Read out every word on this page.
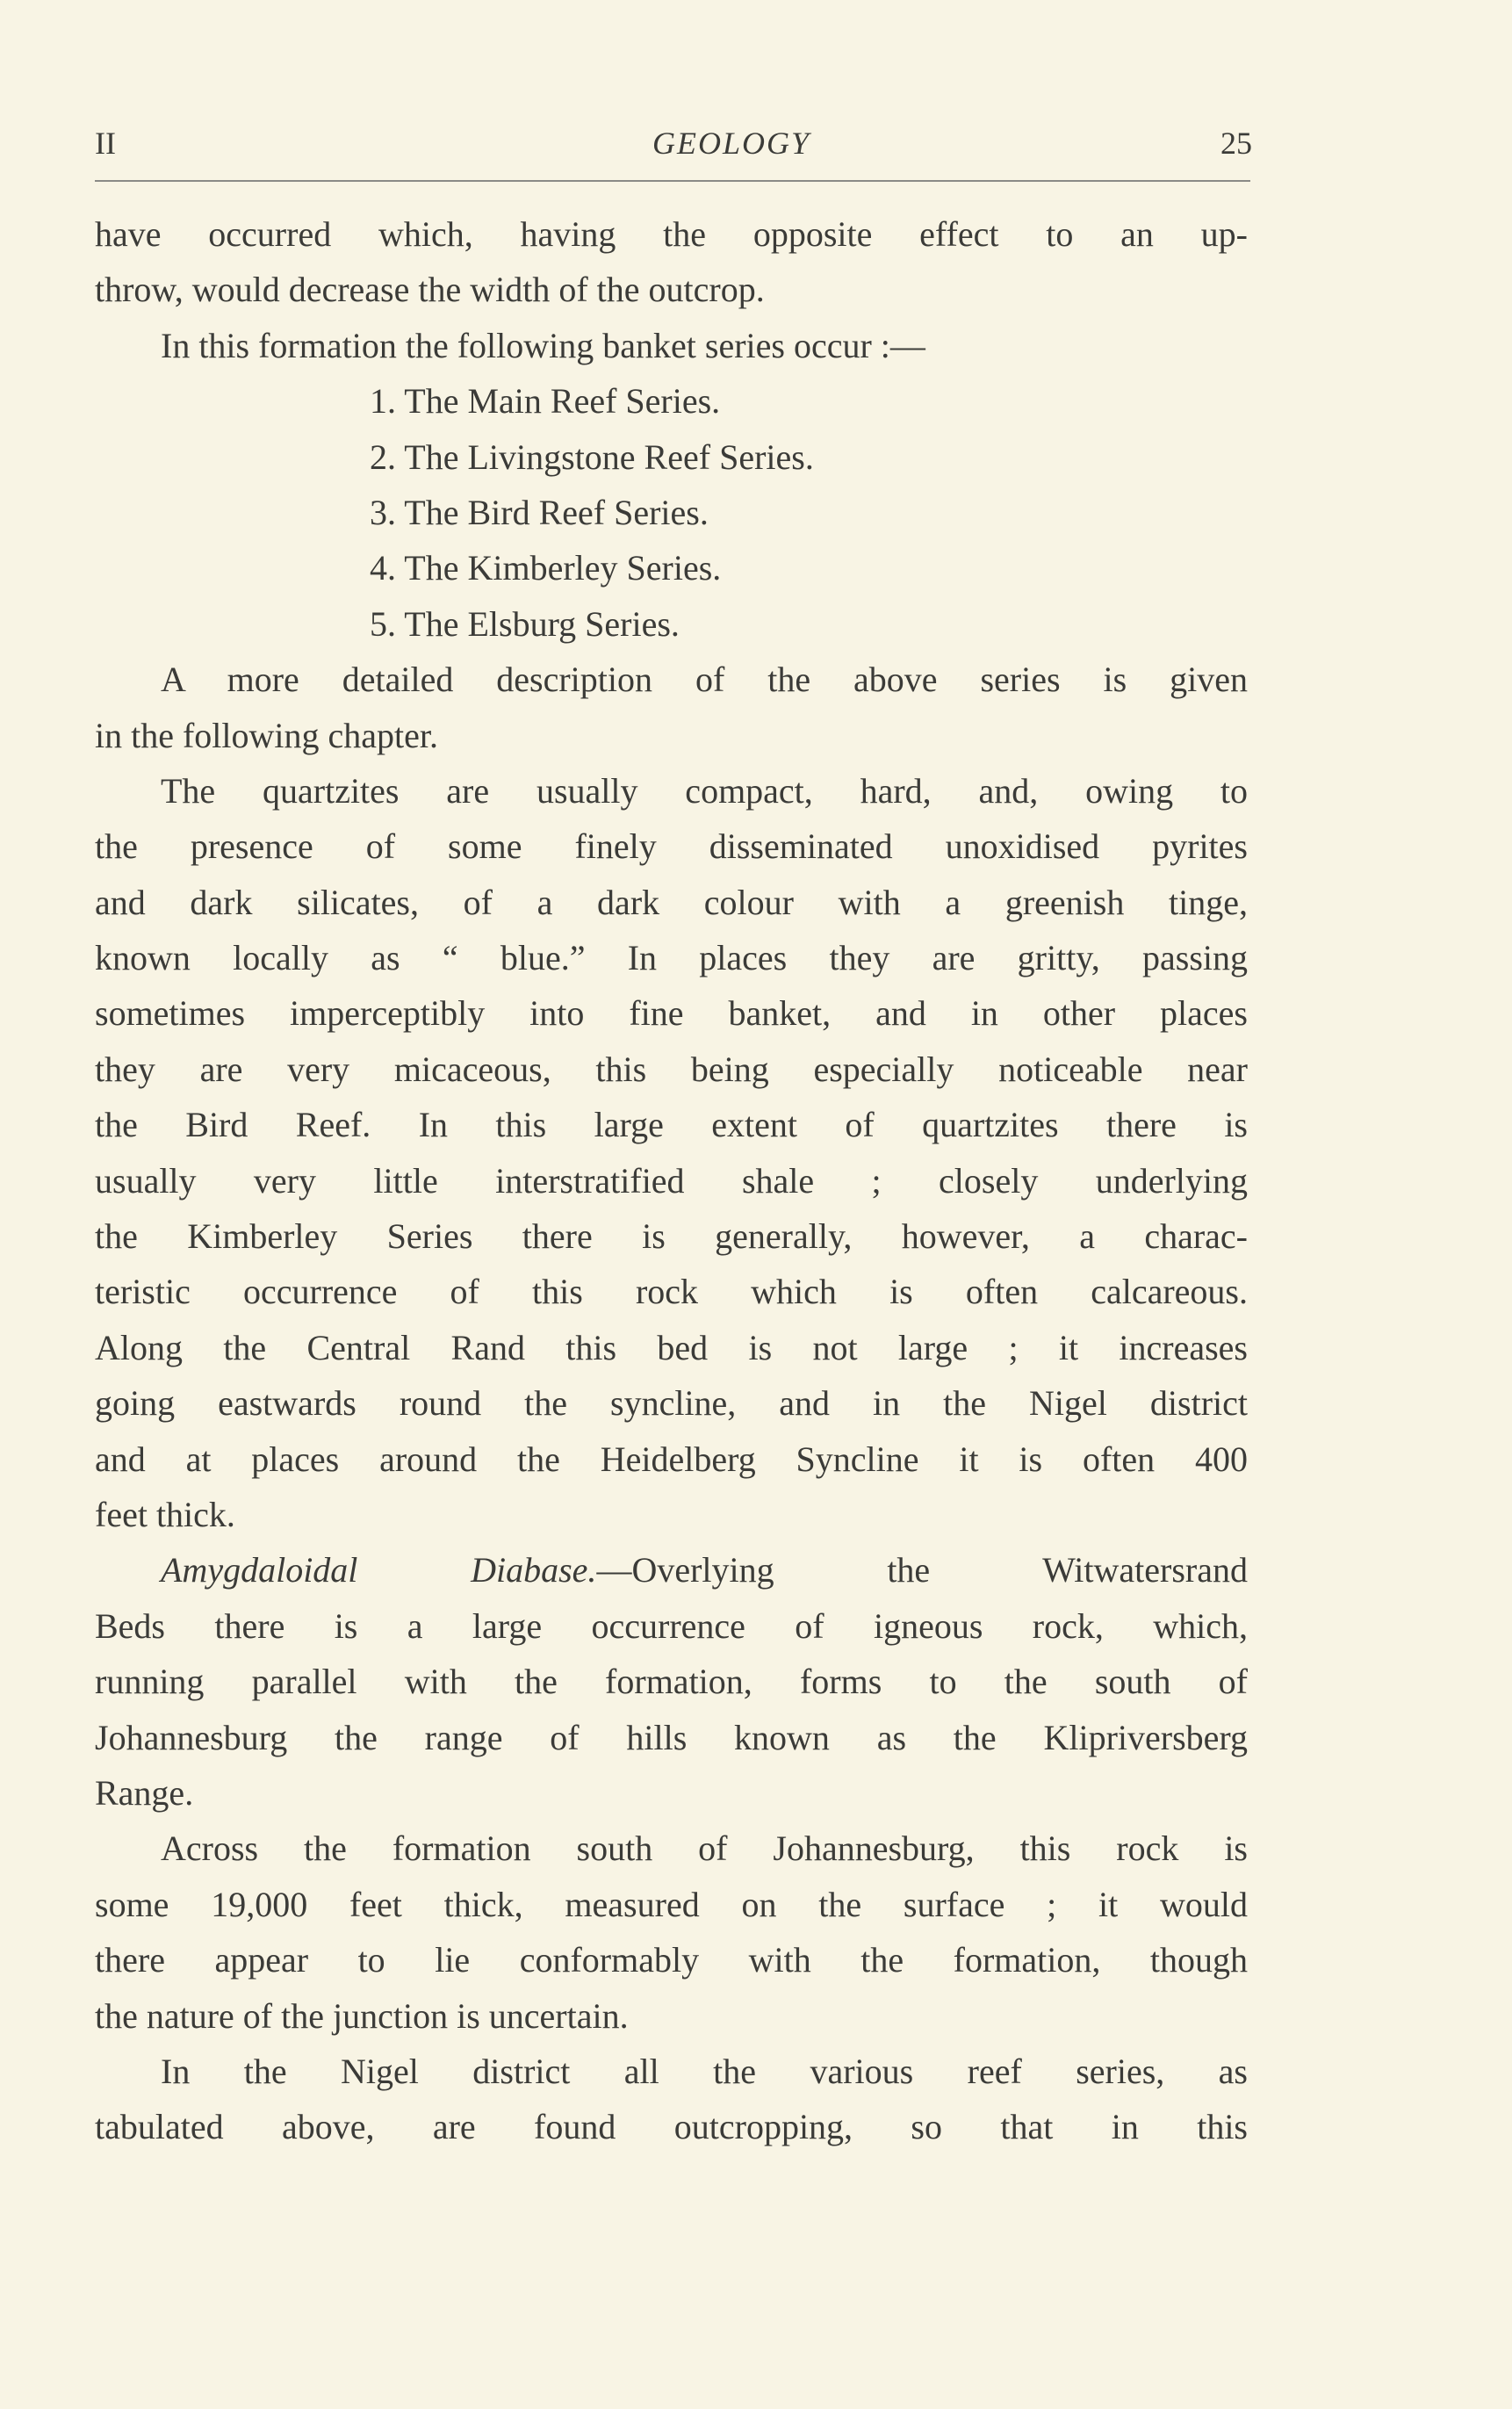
II	GEOLOGY	25
have occurred which, having the opposite effect to an up-
throw, would decrease the width of the outcrop.
In this formation the following banket series occur :—
1. The Main Reef Series.
2. The Livingstone Reef Series.
3. The Bird Reef Series.
4. The Kimberley Series.
5. The Elsburg Series.
A more detailed description of the above series is given
in the following chapter.
The quartzites are usually compact, hard, and, owing to
the presence of some finely disseminated unoxidised pyrites
and dark silicates, of a dark colour with a greenish tinge,
known locally as “ blue.” In places they are gritty, passing
sometimes imperceptibly into fine banket, and in other places
they are very micaceous, this being especially noticeable near
the Bird Reef. In this large extent of quartzites there is
usually very little interstratified shale ; closely underlying
the Kimberley Series there is generally, however, a charac-
teristic occurrence of this rock which is often calcareous.
Along the Central Rand this bed is not large ; it increases
going eastwards round the syncline, and in the Nigel district
and at places around the Heidelberg Syncline it is often 400
feet thick.
Amygdaloidal Diabase.—Overlying the Witwatersrand
Beds there is a large occurrence of igneous rock, which,
running parallel with the formation, forms to the south of
Johannesburg the range of hills known as the Klipriversberg
Range.
Across the formation south of Johannesburg, this rock is
some 19,000 feet thick, measured on the surface ; it would
there appear to lie conformably with the formation, though
the nature of the junction is uncertain.
In the Nigel district all the various reef series, as
tabulated above, are found outcropping, so that in this
